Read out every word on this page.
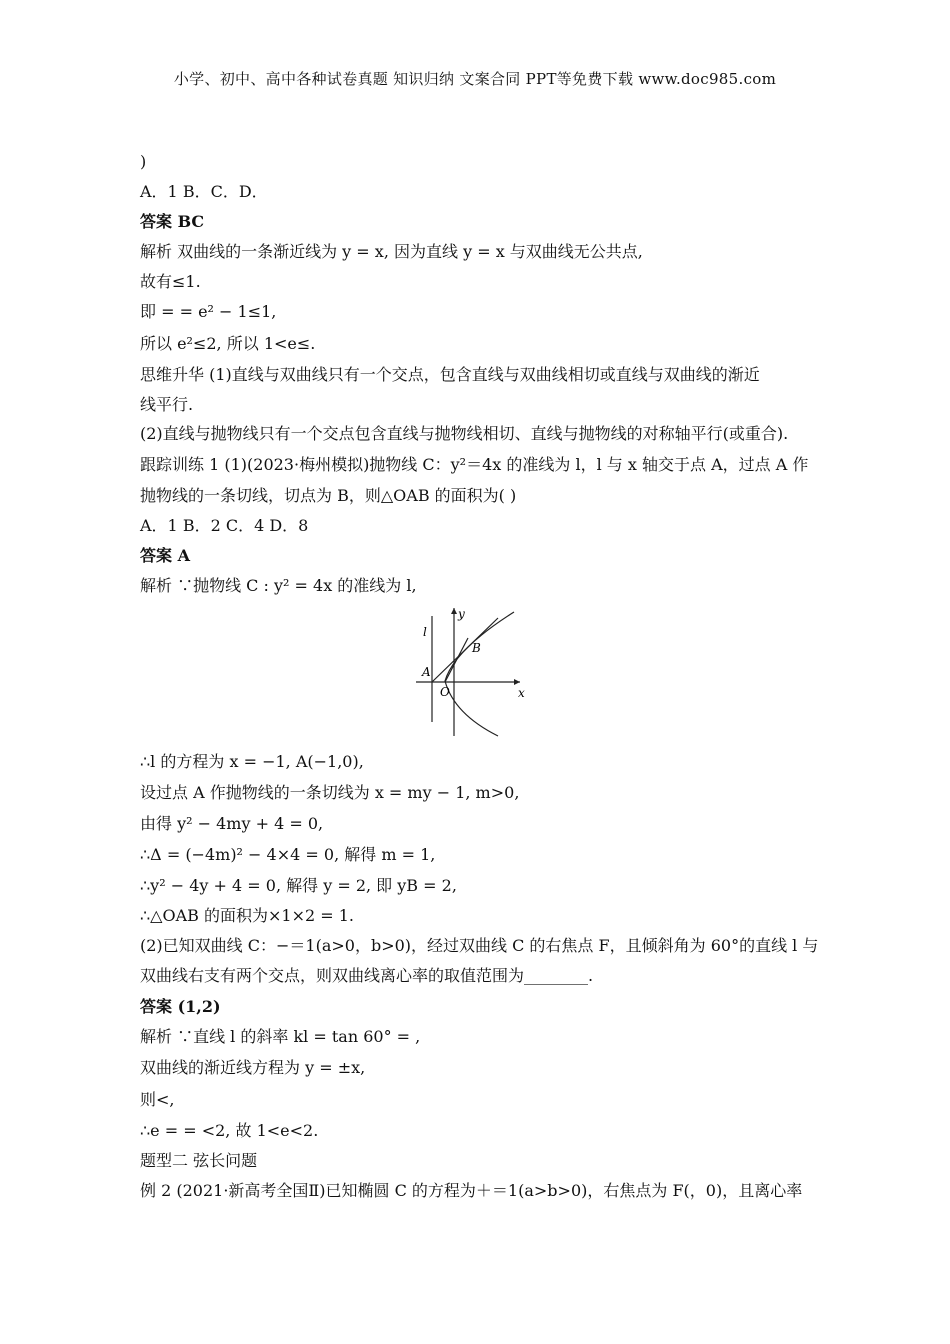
小学、初中、高中各种试卷真题 知识归纳 文案合同 PPT等免费下载 www.doc985.com
)
A．1 B．C．D．
答案 BC
解析 双曲线的一条渐近线为 y = x, 因为直线 y = x 与双曲线无公共点,
故有≤1.
即 = = e² − 1≤1,
所以 e²≤2, 所以 1<e≤.
思维升华 (1)直线与双曲线只有一个交点，包含直线与双曲线相切或直线与双曲线的渐近
线平行.
(2)直线与抛物线只有一个交点包含直线与抛物线相切、直线与抛物线的对称轴平行(或重合).
跟踪训练 1 (1)(2023·梅州模拟)抛物线 C：y²＝4x 的准线为 l，l 与 x 轴交于点 A，过点 A 作
抛物线的一条切线，切点为 B，则△OAB 的面积为( )
A．1 B．2 C．4 D．8
答案 A
解析 ∵抛物线 C : y² = 4x 的准线为 l,
l
y
B
A
O	x
∴l 的方程为 x = −1, A(−1,0),
设过点 A 作抛物线的一条切线为 x = my − 1, m>0,
由得 y² − 4my + 4 = 0,
∴Δ = (−4m)² − 4×4 = 0, 解得 m = 1,
∴y² − 4y + 4 = 0, 解得 y = 2, 即 yB = 2,
∴△OAB 的面积为×1×2 = 1.
(2)已知双曲线 C：−＝1(a>0，b>0)，经过双曲线 C 的右焦点 F，且倾斜角为 60°的直线 l 与
双曲线右支有两个交点，则双曲线离心率的取值范围为________.
答案 (1,2)
解析 ∵直线 l 的斜率 kl = tan 60° = ,
双曲线的渐近线方程为 y = ±x,
则<,
∴e = = <2, 故 1<e<2.
题型二 弦长问题
例 2 (2021·新高考全国Ⅱ)已知椭圆 C 的方程为＋＝1(a>b>0)，右焦点为 F(，0)，且离心率
